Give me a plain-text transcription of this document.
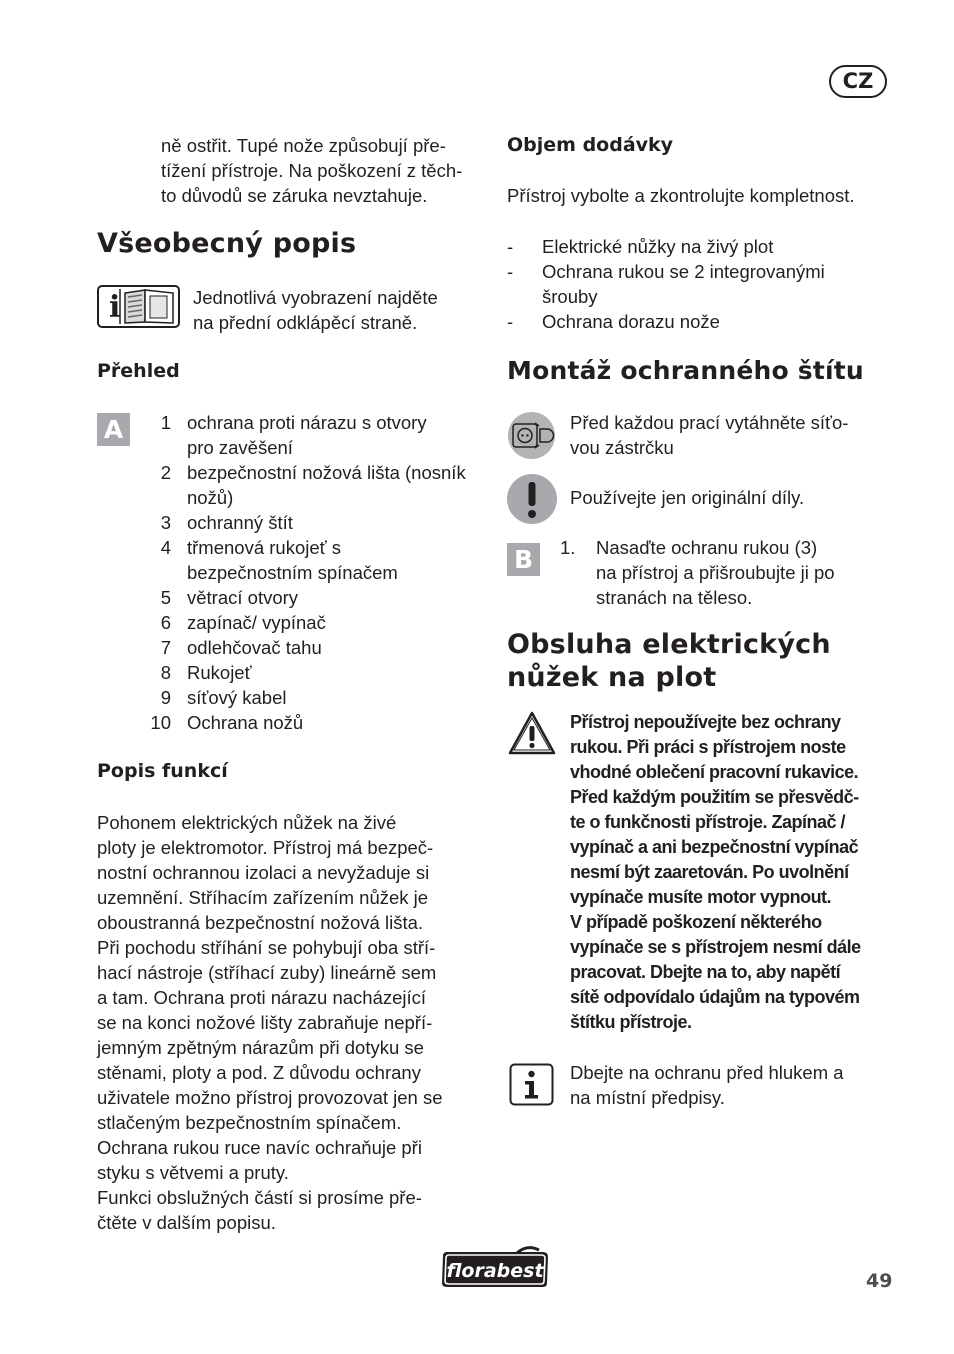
CZ
ně ostřit. Tupé nože způsobují pře-
tížení přístroje. Na poškození z těch-
to důvodů se záruka nevztahuje.
Všeobecný popis
i	Jednotlivá vyobrazení najděte
na přední odklápěcí straně.
Přehled
A	1 ochrana proti nárazu s otvory
pro zavěšení
2 bezpečnostní nožová lišta (nosník
nožů)
3 ochranný štít
4 třmenová rukojeť s
bezpečnostním spínačem
5 větrací otvory
6 zapínač/ vypínač
7 odlehčovač tahu
8 Rukojeť
9 síťový kabel
10 Ochrana nožů
Popis funkcí
Pohonem elektrických nůžek na živé
ploty je elektromotor. Přístroj má bezpeč-
nostní ochrannou izolaci a nevyžaduje si
uzemnění. Stříhacím zařízením nůžek je
oboustranná bezpečnostní nožová lišta.
Při pochodu stříhání se pohybují oba stří-
hací nástroje (stříhací zuby) lineárně sem
a tam. Ochrana proti nárazu nacházející
se na konci nožové lišty zabraňuje nepří-
jemným zpětným nárazům při dotyku se
stěnami, ploty a pod. Z důvodu ochrany
uživatele možno přístroj provozovat jen se
stlačeným bezpečnostním spínačem.
Ochrana rukou ruce navíc ochraňuje při
styku s větvemi a pruty.
Funkci obslužných částí si prosíme pře-
čtěte v dalším popisu.
Objem dodávky
Přístroj vybolte a zkontrolujte kompletnost.
- Elektrické nůžky na živý plot
- Ochrana rukou se 2 integrovanými
šrouby
- Ochrana dorazu nože
Montáž ochranného štítu
Před každou prací vytáhněte síťo-
vou zástrčku
Používejte jen originální díly.
B	1. Nasaďte ochranu rukou (3)
na přístroj a přišroubujte ji po
stranách na těleso.
Obsluha elektrických
nůžek na plot
Přístroj nepoužívejte bez ochrany
rukou. Při práci s přístrojem noste
vhodné oblečení pracovní rukavice.
Před každým použitím se přesvědč-
te o funkčnosti přístroje. Zapínač /
vypínač a ani bezpečnostní vypínač
nesmí být zaaretován. Po uvolnění
vypínače musíte motor vypnout.
V případě poškození některého
vypínače se s přístrojem nesmí dále
pracovat. Dbejte na to, aby napětí
sítě odpovídalo údajům na typovém
štítku přístroje.
Dbejte na ochranu před hlukem a
na místní předpisy.
florabest	49
